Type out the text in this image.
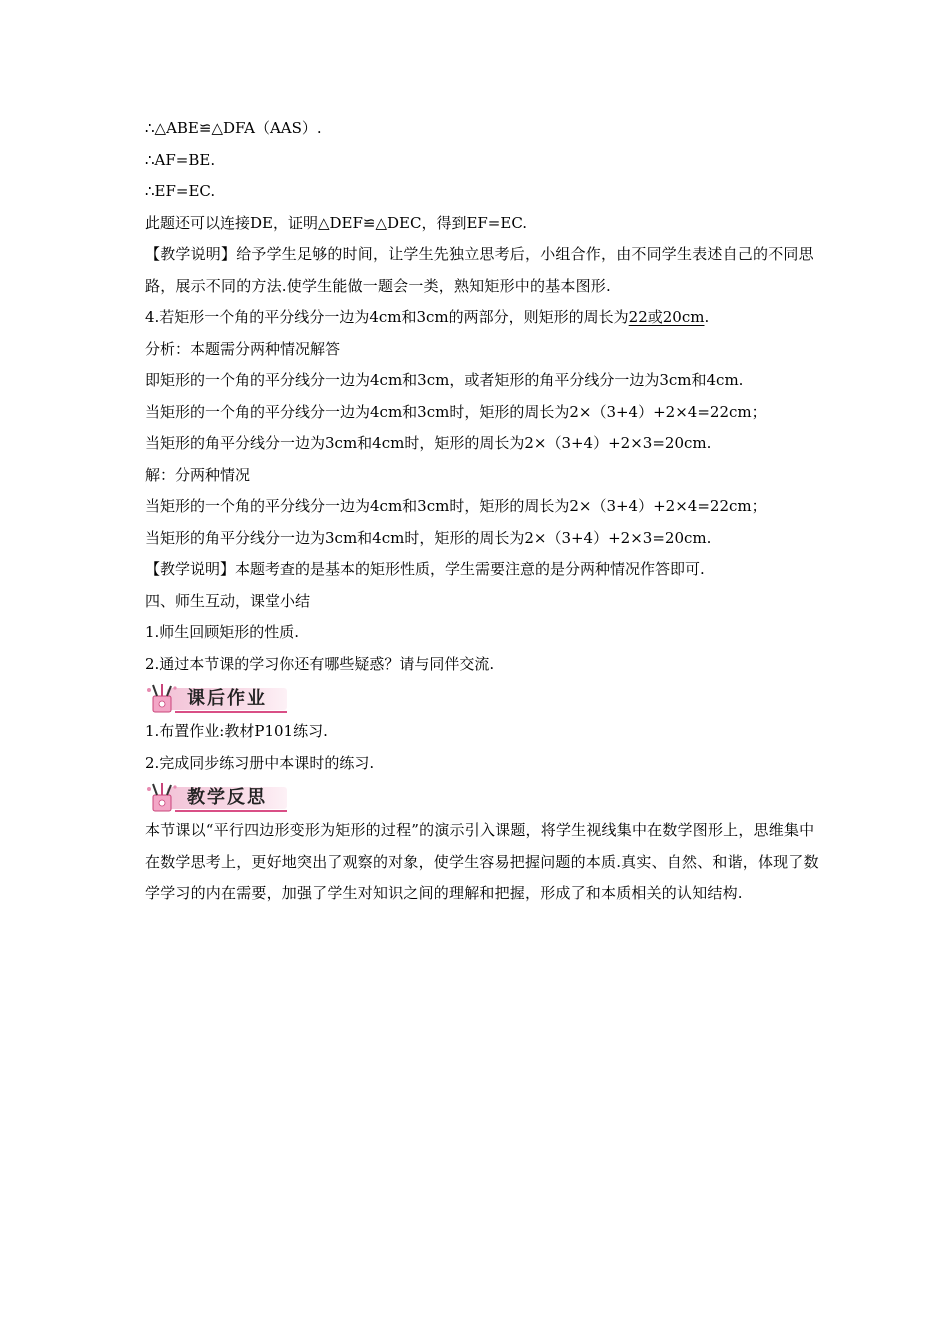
∴△ABE≌△DFA（AAS）.
∴AF=BE.
∴EF=EC.
此题还可以连接DE，证明△DEF≌△DEC，得到EF=EC.
【教学说明】给予学生足够的时间，让学生先独立思考后，小组合作，由不同学生表述自己的不同思路，展示不同的方法.使学生能做一题会一类，熟知矩形中的基本图形.
4.若矩形一个角的平分线分一边为4cm和3cm的两部分，则矩形的周长为22或20cm.
分析：本题需分两种情况解答
即矩形的一个角的平分线分一边为4cm和3cm，或者矩形的角平分线分一边为3cm和4cm.
当矩形的一个角的平分线分一边为4cm和3cm时，矩形的周长为2×（3+4）+2×4=22cm；
当矩形的角平分线分一边为3cm和4cm时，矩形的周长为2×（3+4）+2×3=20cm.
解：分两种情况
当矩形的一个角的平分线分一边为4cm和3cm时，矩形的周长为2×（3+4）+2×4=22cm；
当矩形的角平分线分一边为3cm和4cm时，矩形的周长为2×（3+4）+2×3=20cm.
【教学说明】本题考查的是基本的矩形性质，学生需要注意的是分两种情况作答即可.
四、师生互动，课堂小结
1.师生回顾矩形的性质.
2.通过本节课的学习你还有哪些疑惑？请与同伴交流.
课后作业
1.布置作业:教材P101练习.
2.完成同步练习册中本课时的练习.
教学反思
本节课以“平行四边形变形为矩形的过程”的演示引入课题，将学生视线集中在数学图形上，思维集中在数学思考上，更好地突出了观察的对象，使学生容易把握问题的本质.真实、自然、和谐，体现了数学学习的内在需要，加强了学生对知识之间的理解和把握，形成了和本质相关的认知结构.
